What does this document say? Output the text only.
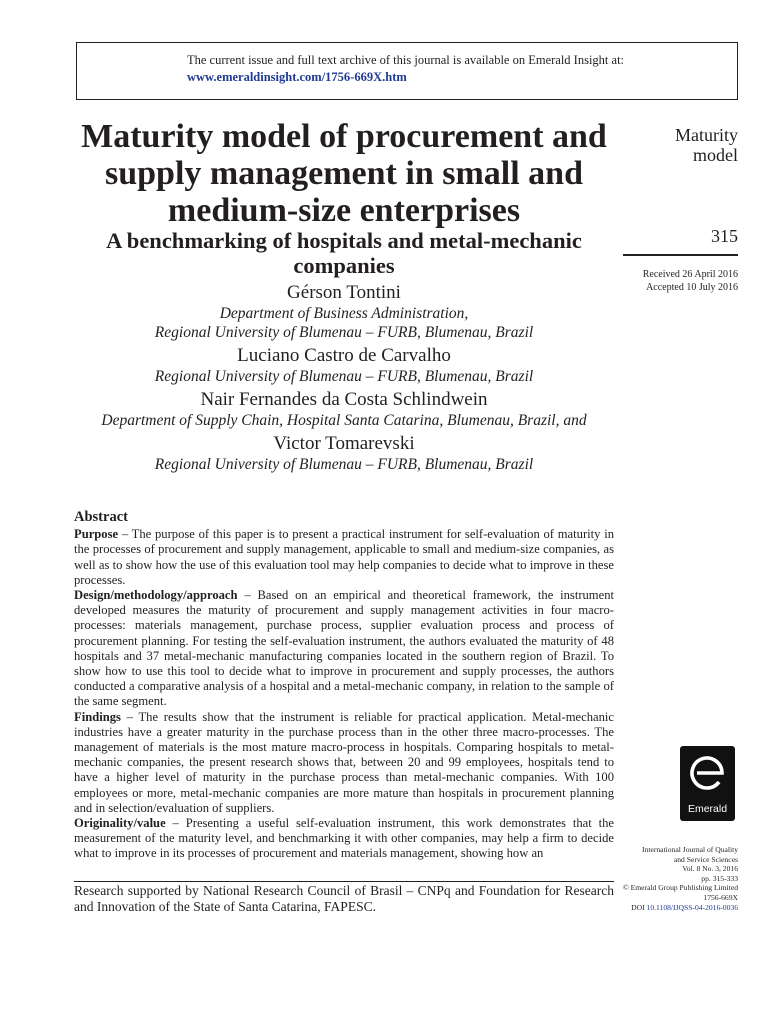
The current issue and full text archive of this journal is available on Emerald Insight at:
www.emeraldinsight.com/1756-669X.htm
Maturity model of procurement and supply management in small and medium-size enterprises
A benchmarking of hospitals and metal-mechanic companies
Gérson Tontini
Department of Business Administration,
Regional University of Blumenau – FURB, Blumenau, Brazil
Luciano Castro de Carvalho
Regional University of Blumenau – FURB, Blumenau, Brazil
Nair Fernandes da Costa Schlindwein
Department of Supply Chain, Hospital Santa Catarina, Blumenau, Brazil, and
Victor Tomarevski
Regional University of Blumenau – FURB, Blumenau, Brazil
Maturity
model
315
Received 26 April 2016
Accepted 10 July 2016
Abstract
Purpose – The purpose of this paper is to present a practical instrument for self-evaluation of maturity in the processes of procurement and supply management, applicable to small and medium-size companies, as well as to show how the use of this evaluation tool may help companies to decide what to improve in these processes.
Design/methodology/approach – Based on an empirical and theoretical framework, the instrument developed measures the maturity of procurement and supply management activities in four macro-processes: materials management, purchase process, supplier evaluation process and process of procurement planning. For testing the self-evaluation instrument, the authors evaluated the maturity of 48 hospitals and 37 metal-mechanic manufacturing companies located in the southern region of Brazil. To show how to use this tool to decide what to improve in procurement and supply processes, the authors conducted a comparative analysis of a hospital and a metal-mechanic company, in relation to the sample of the same segment.
Findings – The results show that the instrument is reliable for practical application. Metal-mechanic industries have a greater maturity in the purchase process than in the other three macro-processes. The management of materials is the most mature macro-process in hospitals. Comparing hospitals to metal-mechanic companies, the present research shows that, between 20 and 99 employees, hospitals tend to have a higher level of maturity in the purchase process than metal-mechanic companies. With 100 employees or more, metal-mechanic companies are more mature than hospitals in procurement planning and in selection/evaluation of suppliers.
Originality/value – Presenting a useful self-evaluation instrument, this work demonstrates that the measurement of the maturity level, and benchmarking it with other companies, may help a firm to decide what to improve in its processes of procurement and materials management, showing how an
Research supported by National Research Council of Brasil – CNPq and Foundation for Research and Innovation of the State of Santa Catarina, FAPESC.
Emerald
International Journal of Quality
and Service Sciences
Vol. 8 No. 3, 2016
pp. 315-333
© Emerald Group Publishing Limited
1756-669X
DOI 10.1108/IJQSS-04-2016-0036
